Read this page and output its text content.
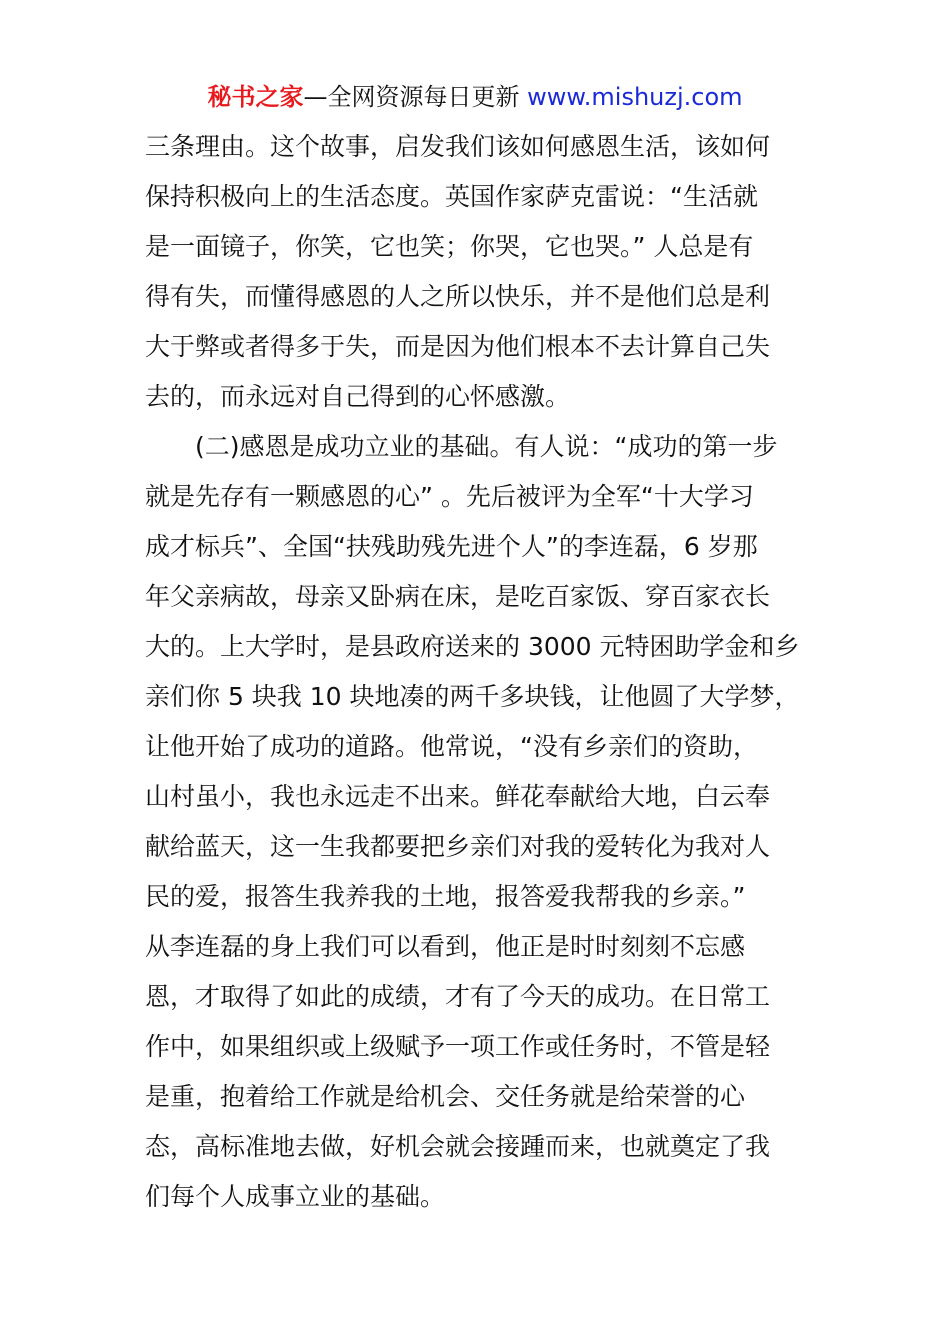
秘书之家—全网资源每日更新 www.mishuzj.com
三条理由。这个故事，启发我们该如何感恩生活，该如何
保持积极向上的生活态度。英国作家萨克雷说：“生活就
是一面镜子，你笑，它也笑；你哭，它也哭。” 人总是有
得有失，而懂得感恩的人之所以快乐，并不是他们总是利
大于弊或者得多于失，而是因为他们根本不去计算自己失
去的，而永远对自己得到的心怀感激。
　　(二)感恩是成功立业的基础。有人说：“成功的第一步
就是先存有一颗感恩的心” 。先后被评为全军“十大学习
成才标兵”、全国“扶残助残先进个人”的李连磊，6 岁那
年父亲病故，母亲又卧病在床，是吃百家饭、穿百家衣长
大的。上大学时，是县政府送来的 3000 元特困助学金和乡
亲们你 5 块我 10 块地凑的两千多块钱，让他圆了大学梦，
让他开始了成功的道路。他常说，“没有乡亲们的资助，
山村虽小，我也永远走不出来。鲜花奉献给大地，白云奉
献给蓝天，这一生我都要把乡亲们对我的爱转化为我对人
民的爱，报答生我养我的土地，报答爱我帮我的乡亲。”
从李连磊的身上我们可以看到，他正是时时刻刻不忘感
恩，才取得了如此的成绩，才有了今天的成功。在日常工
作中，如果组织或上级赋予一项工作或任务时，不管是轻
是重，抱着给工作就是给机会、交任务就是给荣誉的心
态，高标准地去做，好机会就会接踵而来，也就奠定了我
们每个人成事立业的基础。
